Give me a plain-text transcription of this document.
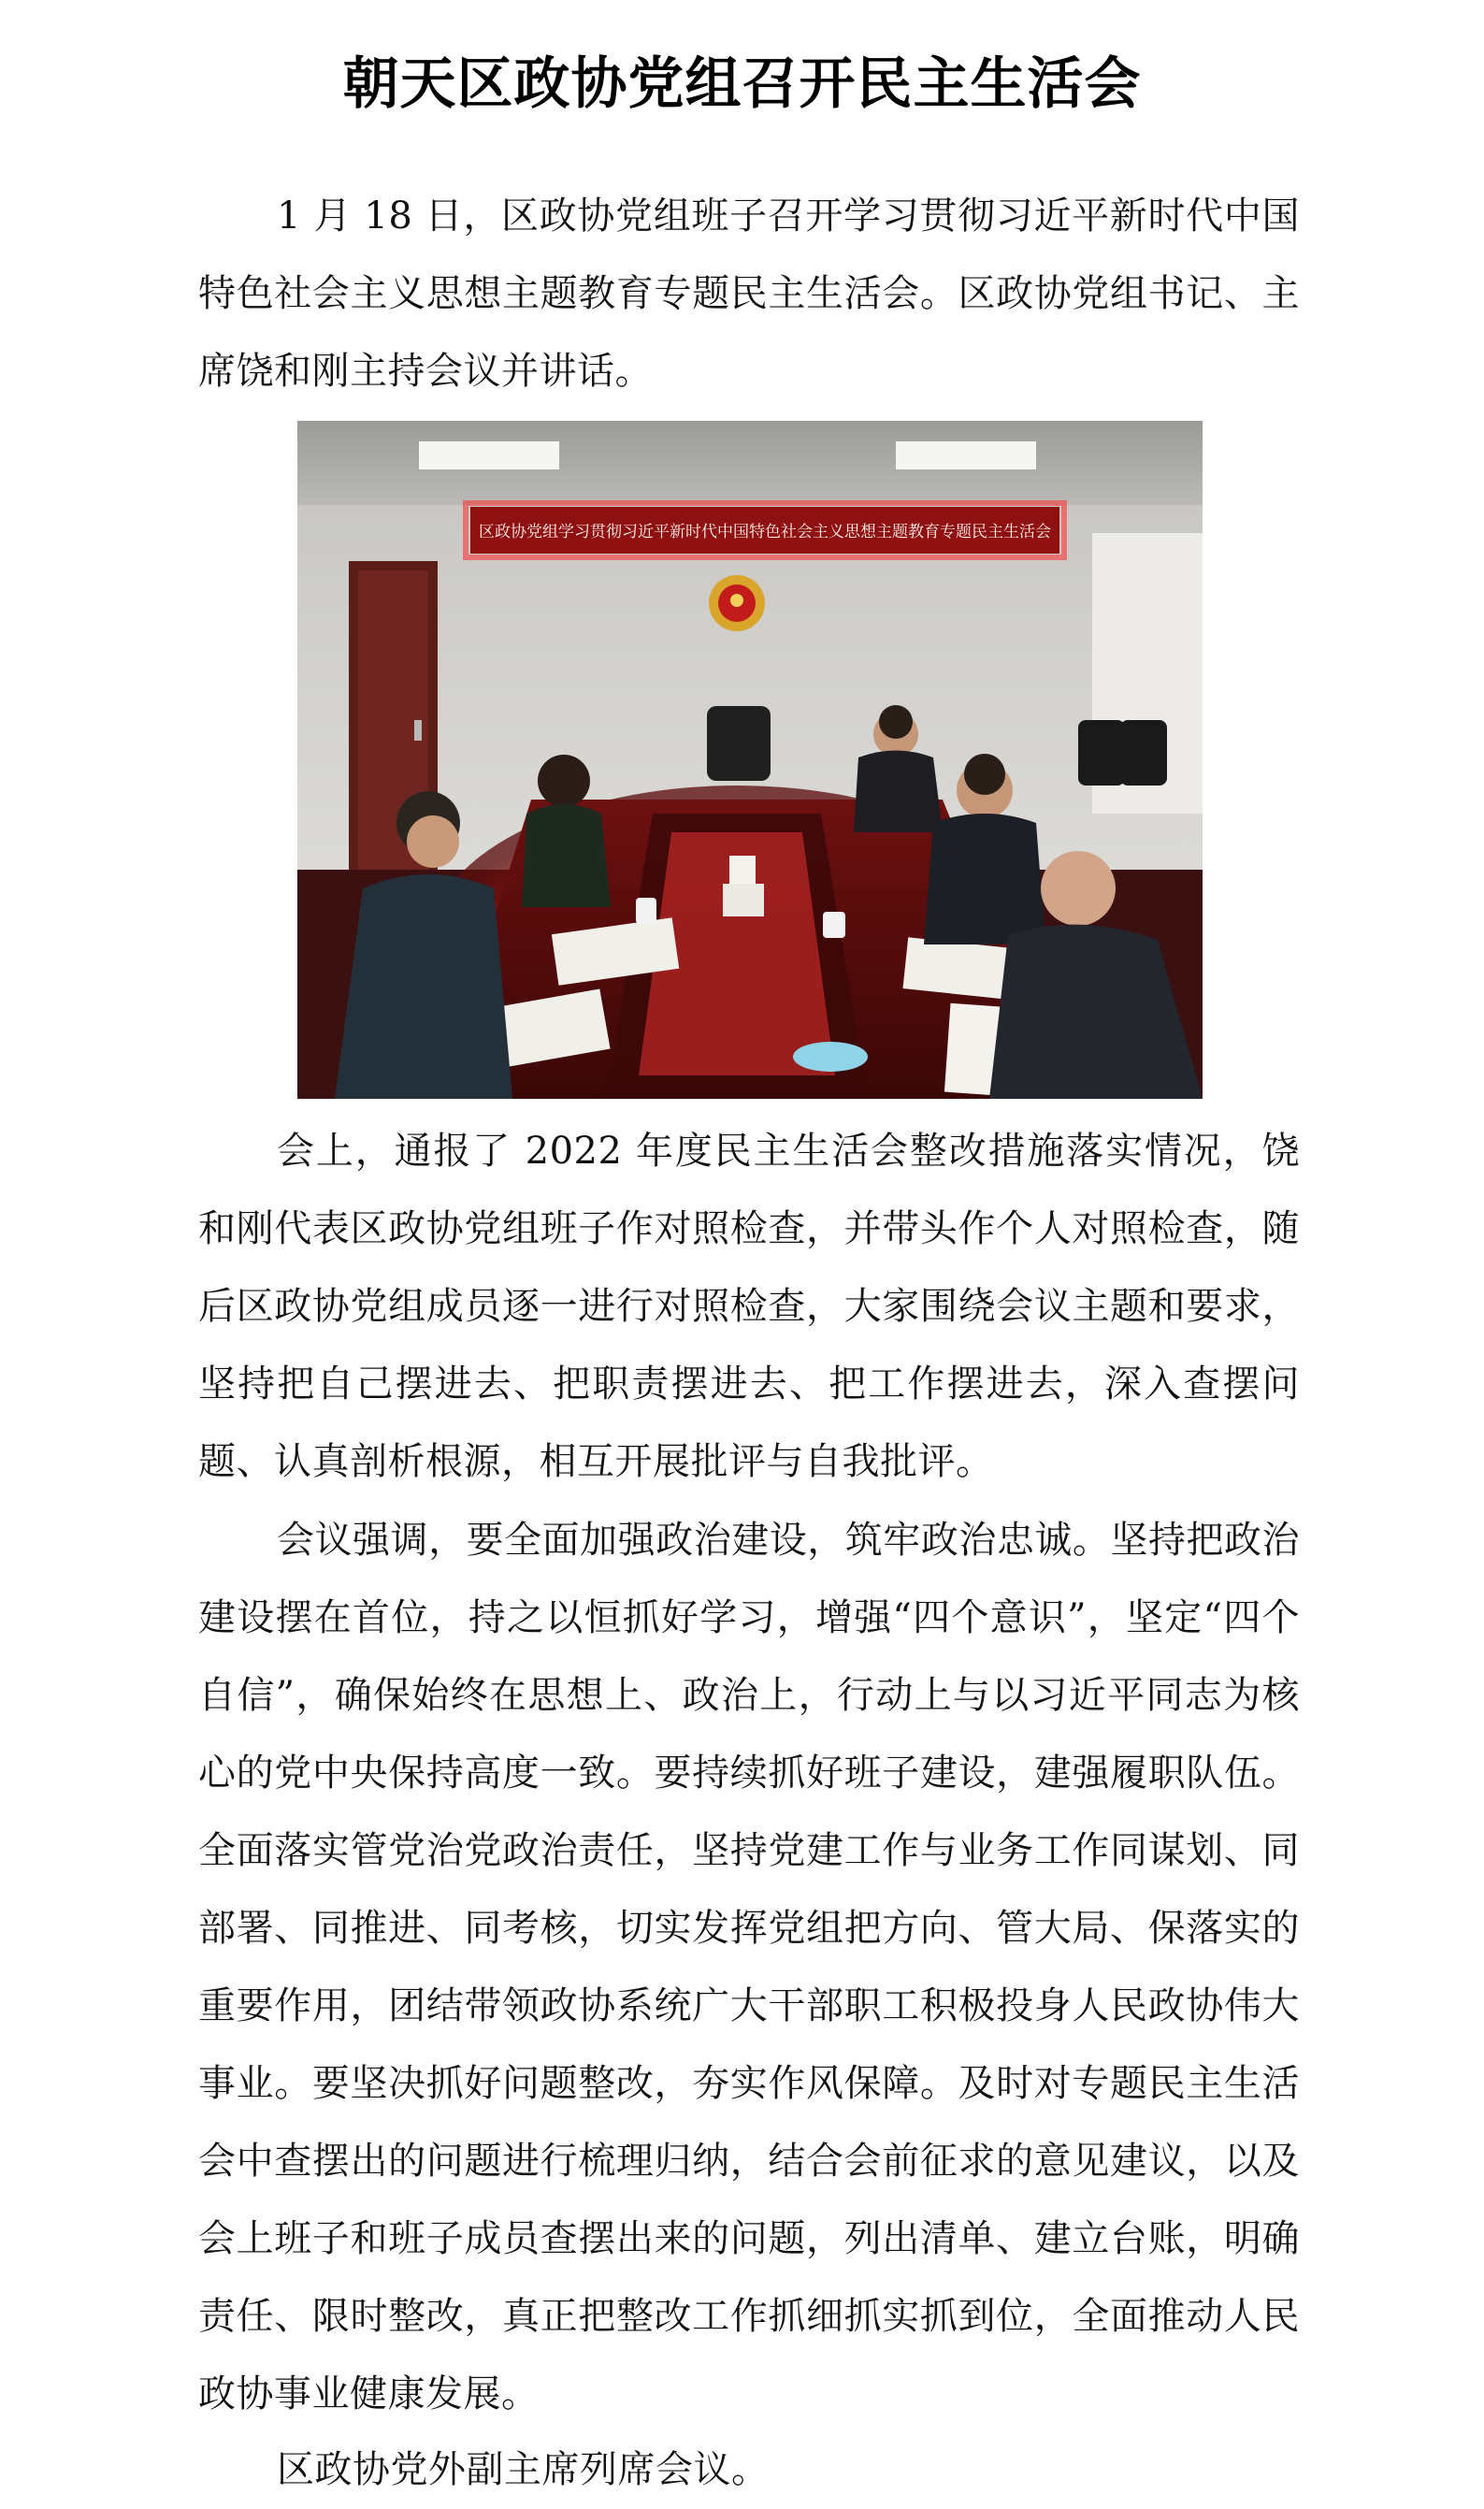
朝天区政协党组召开民主生活会

1 月 18 日，区政协党组班子召开学习贯彻习近平新时代中国特色社会主义思想主题教育专题民主生活会。区政协党组书记、主席饶和刚主持会议并讲话。

区政协党组学习贯彻习近平新时代中国特色社会主义思想主题教育专题民主生活会

会上，通报了 2022 年度民主生活会整改措施落实情况，饶和刚代表区政协党组班子作对照检查，并带头作个人对照检查，随后区政协党组成员逐一进行对照检查，大家围绕会议主题和要求，坚持把自己摆进去、把职责摆进去、把工作摆进去，深入查摆问题、认真剖析根源，相互开展批评与自我批评。

会议强调，要全面加强政治建设，筑牢政治忠诚。坚持把政治建设摆在首位，持之以恒抓好学习，增强“四个意识”，坚定“四个自信”，确保始终在思想上、政治上，行动上与以习近平同志为核心的党中央保持高度一致。要持续抓好班子建设，建强履职队伍。全面落实管党治党政治责任，坚持党建工作与业务工作同谋划、同部署、同推进、同考核，切实发挥党组把方向、管大局、保落实的重要作用，团结带领政协系统广大干部职工积极投身人民政协伟大事业。要坚决抓好问题整改，夯实作风保障。及时对专题民主生活会中查摆出的问题进行梳理归纳，结合会前征求的意见建议，以及会上班子和班子成员查摆出来的问题，列出清单、建立台账，明确责任、限时整改，真正把整改工作抓细抓实抓到位，全面推动人民政协事业健康发展。

区政协党外副主席列席会议。
